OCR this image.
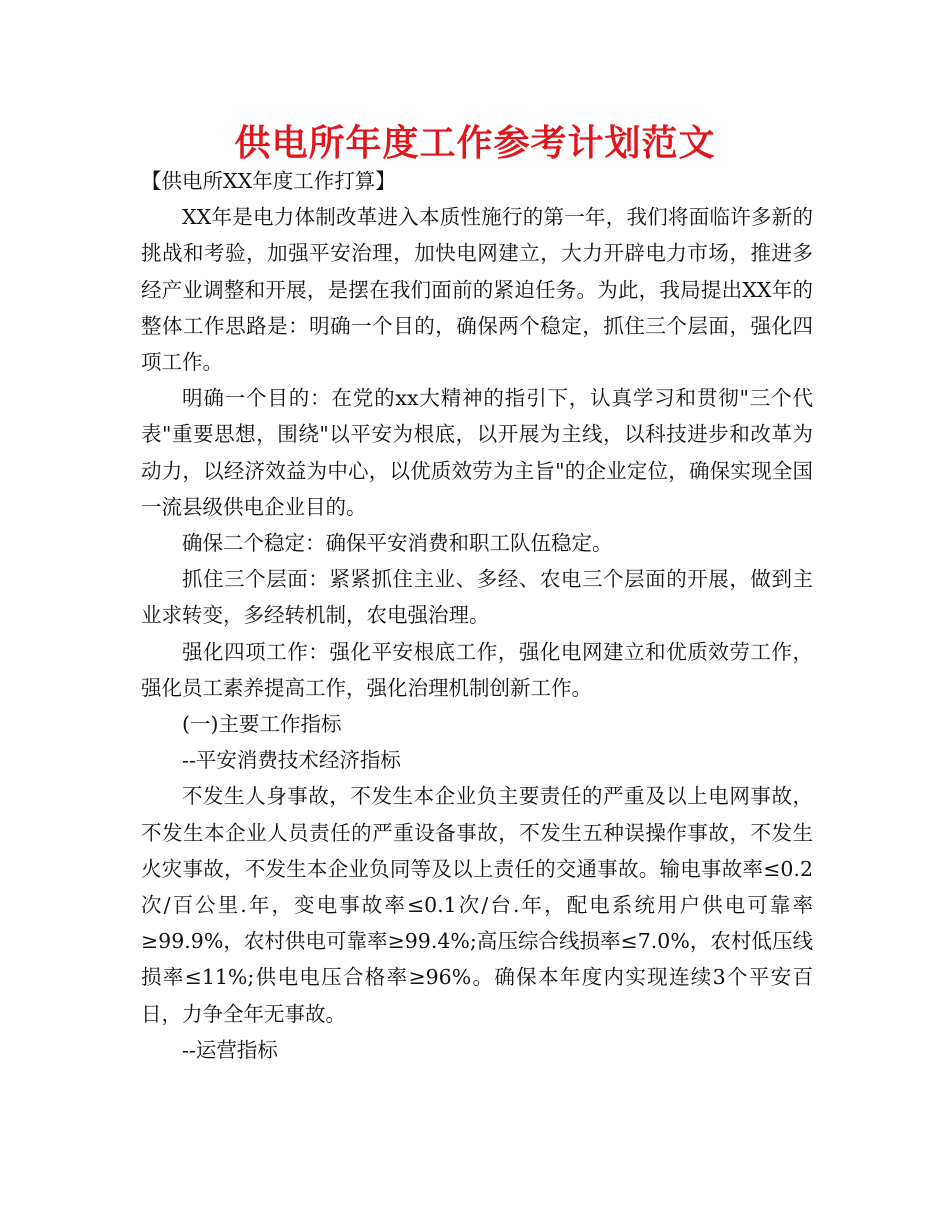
供电所年度工作参考计划范文

【供电所XX年度工作打算】

XX年是电力体制改革进入本质性施行的第一年，我们将面临许多新的挑战和考验，加强平安治理，加快电网建立，大力开辟电力市场，推进多经产业调整和开展，是摆在我们面前的紧迫任务。为此，我局提出XX年的整体工作思路是：明确一个目的，确保两个稳定，抓住三个层面，强化四项工作。

明确一个目的：在党的xx大精神的指引下，认真学习和贯彻"三个代表"重要思想，围绕"以平安为根底，以开展为主线，以科技进步和改革为动力，以经济效益为中心，以优质效劳为主旨"的企业定位，确保实现全国一流县级供电企业目的。

确保二个稳定：确保平安消费和职工队伍稳定。

抓住三个层面：紧紧抓住主业、多经、农电三个层面的开展，做到主业求转变，多经转机制，农电强治理。

强化四项工作：强化平安根底工作，强化电网建立和优质效劳工作，强化员工素养提高工作，强化治理机制创新工作。

(一)主要工作指标

--平安消费技术经济指标

不发生人身事故，不发生本企业负主要责任的严重及以上电网事故，不发生本企业人员责任的严重设备事故，不发生五种误操作事故，不发生火灾事故，不发生本企业负同等及以上责任的交通事故。输电事故率≤0.2次/百公里.年，变电事故率≤0.1次/台.年，配电系统用户供电可靠率≥99.9%，农村供电可靠率≥99.4%;高压综合线损率≤7.0%，农村低压线损率≤11%;供电电压合格率≥96%。确保本年度内实现连续3个平安百日，力争全年无事故。

--运营指标
